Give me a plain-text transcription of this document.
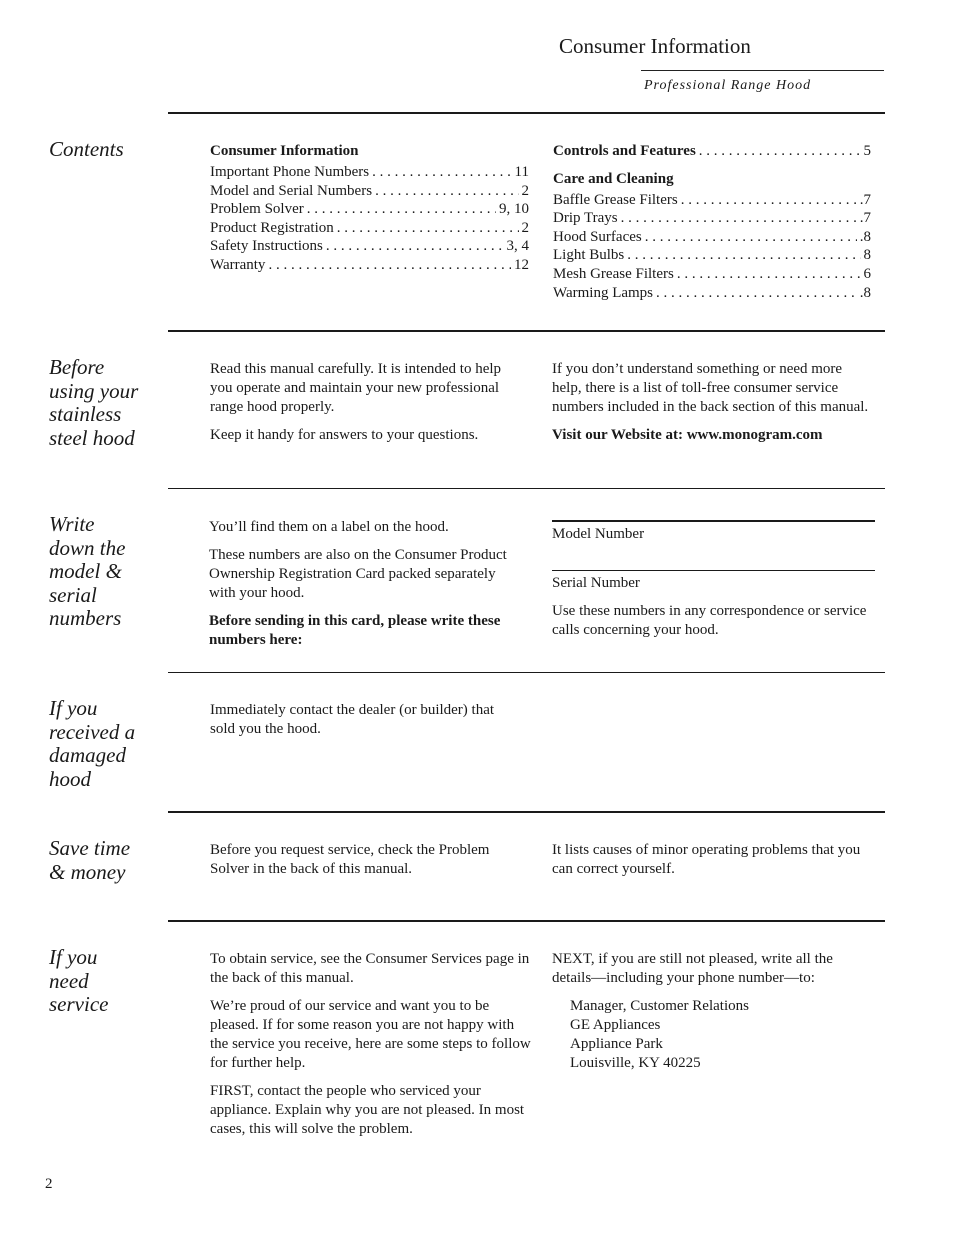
Consumer Information
Professional Range Hood
Contents	Consumer Information
Important Phone Numbers . . .	11
Model and Serial Numbers . . .	2
Problem Solver . . .	9, 10
Product Registration . . .	2
Safety Instructions . . .	3, 4
Warranty . . .	12
Controls and Features . . .	5
Care and Cleaning
Baffle Grease Filters . . .	.7
Drip Trays . . .	.7
Hood Surfaces . . .	.8
Light Bulbs . . .	8
Mesh Grease Filters . . .	6
Warming Lamps . . .	.8
Before
using your
stainless
steel hood

Read this manual carefully. It is intended to help you operate and maintain your new professional range hood properly.

Keep it handy for answers to your questions.

If you don’t understand something or need more help, there is a list of toll-free consumer service numbers included in the back section of this manual.

Visit our Website at: www.monogram.com

Write
down the
model &
serial
numbers

You’ll find them on a label on the hood.

These numbers are also on the Consumer Product Ownership Registration Card packed separately with your hood.

Before sending in this card, please write these numbers here:

Model Number
Serial Number

Use these numbers in any correspondence or service calls concerning your hood.

If you
received a
damaged
hood

Immediately contact the dealer (or builder) that sold you the hood.

Save time
& money

Before you request service, check the Problem Solver in the back of this manual.

It lists causes of minor operating problems that you can correct yourself.

If you
need
service

To obtain service, see the Consumer Services page in the back of this manual.

We’re proud of our service and want you to be pleased. If for some reason you are not happy with the service you receive, here are some steps to follow for further help.

FIRST, contact the people who serviced your appliance. Explain why you are not pleased. In most cases, this will solve the problem.

NEXT, if you are still not pleased, write all the details—including your phone number—to:

Manager, Customer Relations
GE Appliances
Appliance Park
Louisville, KY 40225
2
